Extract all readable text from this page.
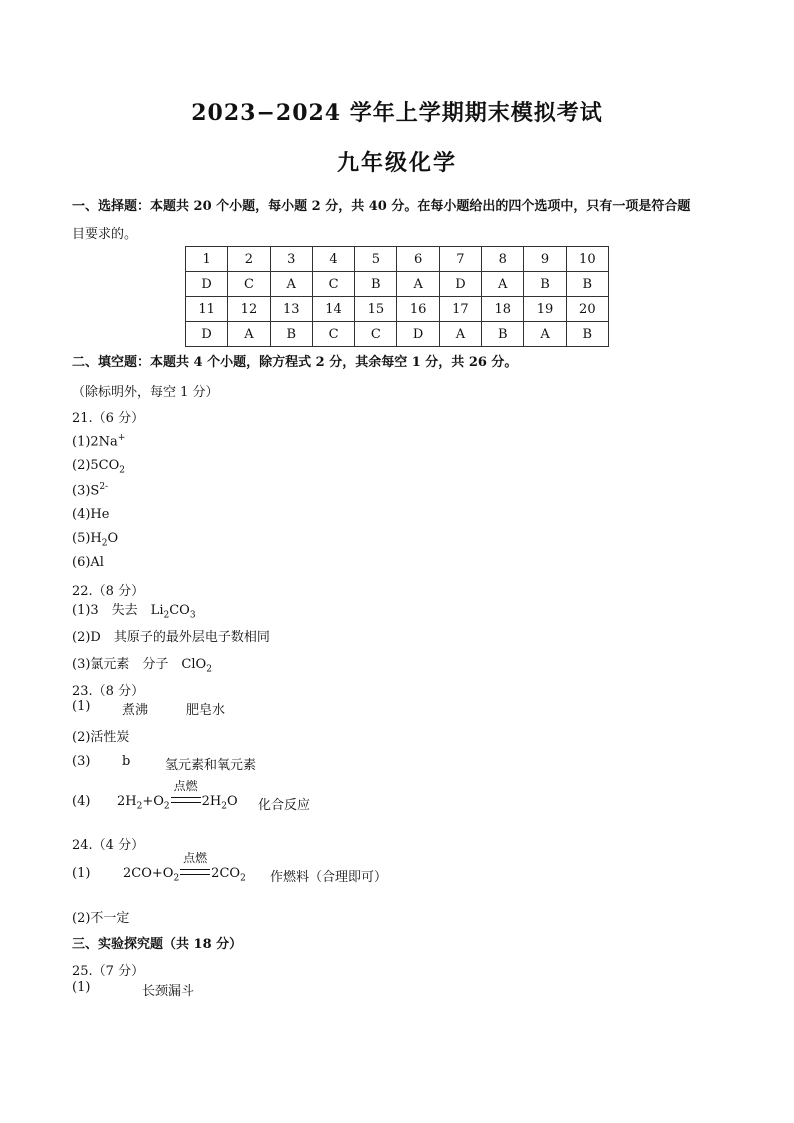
2023−2024 学年上学期期末模拟考试
九年级化学
一、选择题：本题共 20 个小题，每小题 2 分，共 40 分。在每小题给出的四个选项中，只有一项是符合题
目要求的。
1	2	3	4	5	6	7	8	9	10
D	C	A	C	B	A	D	A	B	B
11	12	13	14	15	16	17	18	19	20
D	A	B	C	C	D	A	B	A	B
二、填空题：本题共 4 个小题，除方程式 2 分，其余每空 1 分，共 26 分。
（除标明外，每空 1 分）
21.（6 分）
(1)2Na+
$(2)5CO_2$
$(3)S^{2-}$
(4)He
$(5)H_2O$
(6)Al
22.（8 分）
(1)3　失去　$Li_2CO_3$
(2)D　其原子的最外层电子数相同
(3)氯元素　分子　ClO$_2$
23.（8 分）
(1) 煮沸	肥皂水
(2)活性炭
(3) b	氢元素和氧元素
(4) $2H_2+O_2$
点燃
$2H_2O$ 化合反应
24.（4 分）
(1)	$2CO+O_2$
点燃
$2CO_2$ 作燃料（合理即可）
(2)不一定
三、实验探究题（共 18 分）
25.（7 分）
(1)	长颈漏斗
